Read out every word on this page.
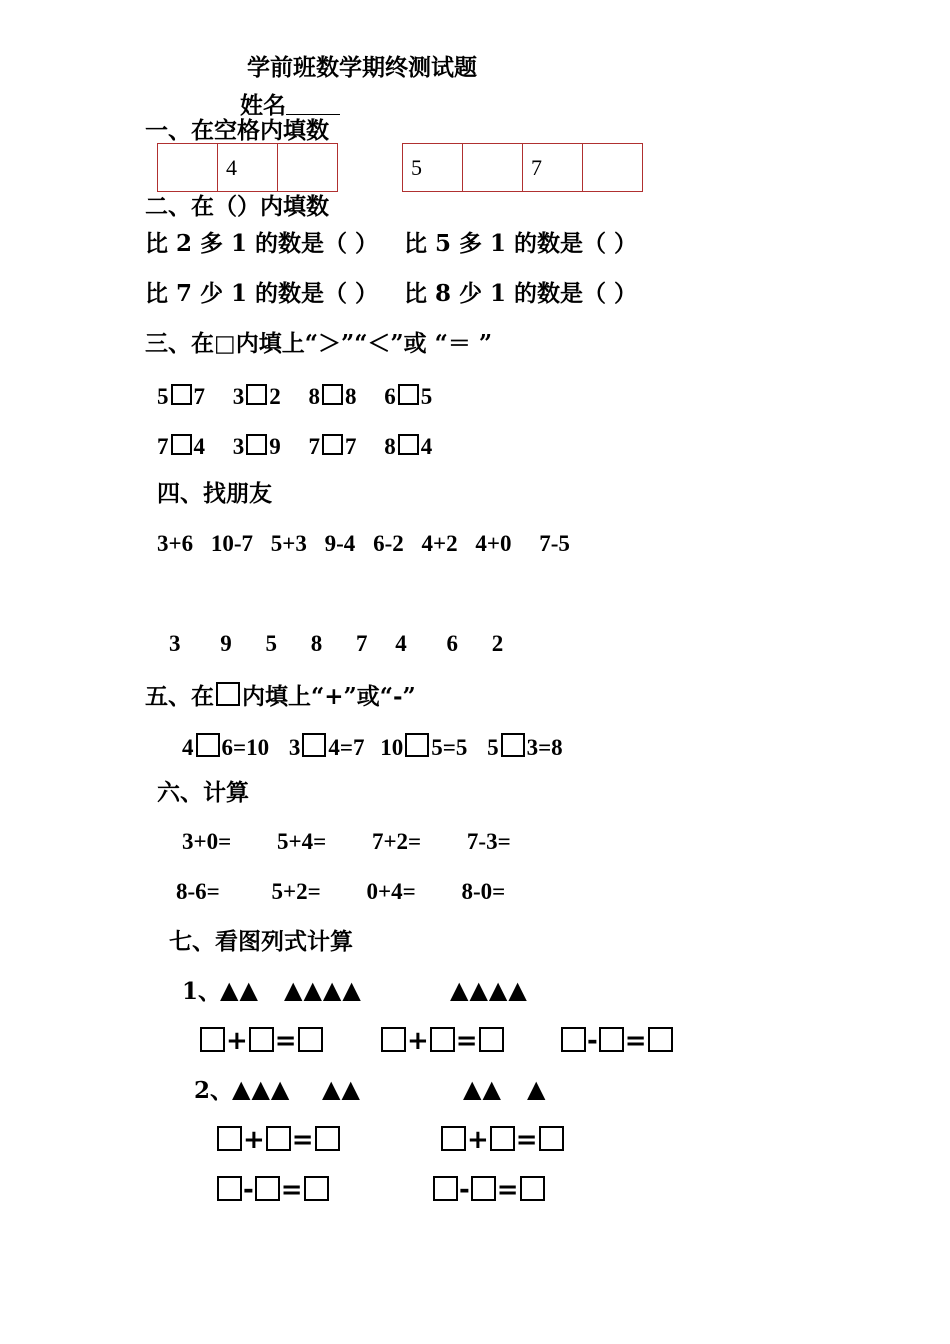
学前班数学期终测试题
姓名
一、在空格内填数
	4		5		7	
二、在（）内填数
比 2 多 1 的数是（ ） 比 5 多 1 的数是（ ）
比 7 少 1 的数是（ ） 比 8 少 1 的数是（ ）
三、在□内填上“＞”“＜”或 “＝ ”
5 7 3 2 8 8 6 5
7 4 3 9 7 7 8 4
四、找朋友
3+6 10-7 5+3 9-4 6-2 4+2 4+0 7-5
3 9 5 8 7 4 6 2
五、在 内填上“+”或“-”
4 6=10 3 4=7 10 5=5 5 3=8
六、计算
3+0= 5+4= 7+2= 7-3=
8-6= 5+2= 0+4= 8-0=
七、看图列式计算
1、
▲▲ ▲▲▲▲	▲▲▲▲
+ =	+ =	- =
2、
▲▲▲ ▲▲	▲▲ ▲
+ =	+ =
- =	- =
